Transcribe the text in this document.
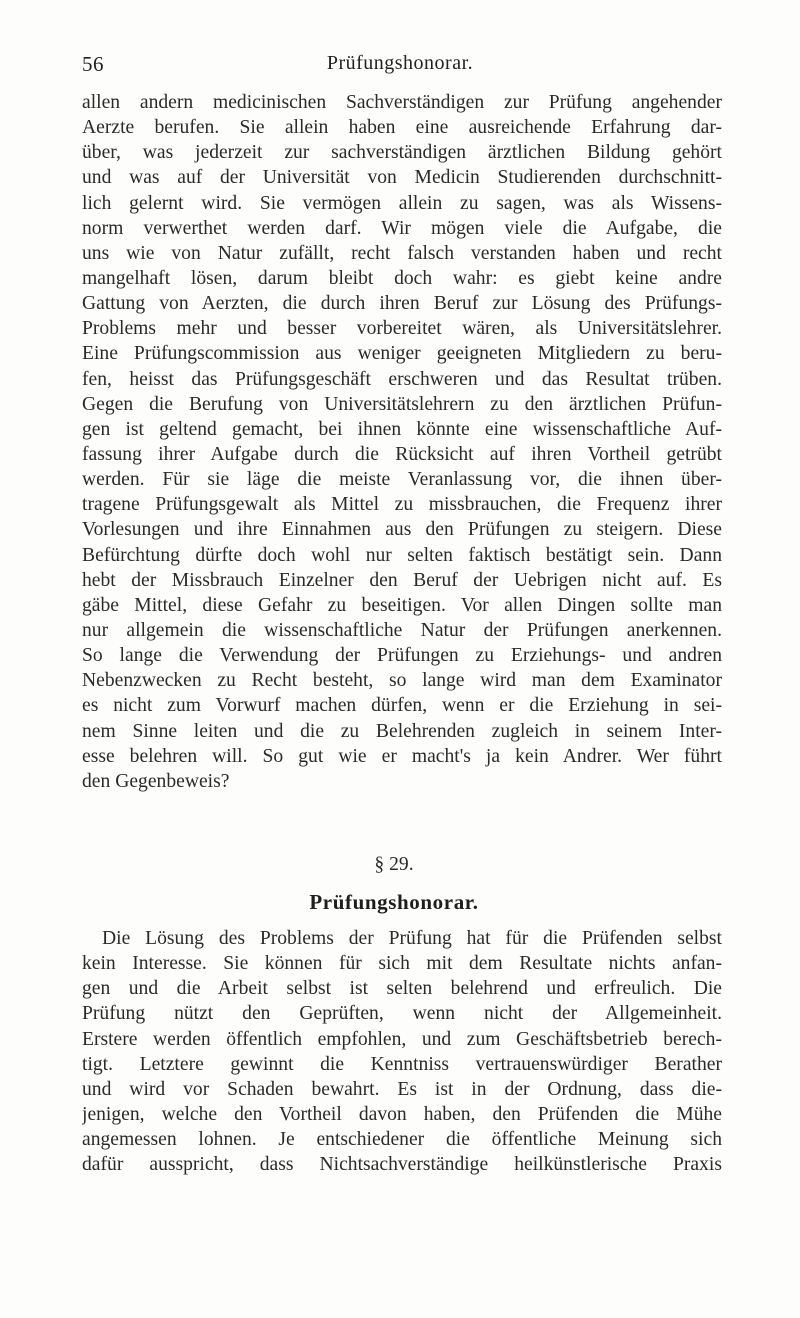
56	Prüfungshonorar.
allen andern medicinischen Sachverständigen zur Prüfung angehender
Aerzte berufen. Sie allein haben eine ausreichende Erfahrung dar-
über, was jederzeit zur sachverständigen ärztlichen Bildung gehört
und was auf der Universität von Medicin Studierenden durchschnitt-
lich gelernt wird. Sie vermögen allein zu sagen, was als Wissens-
norm verwerthet werden darf. Wir mögen viele die Aufgabe, die
uns wie von Natur zufällt, recht falsch verstanden haben und recht
mangelhaft lösen, darum bleibt doch wahr: es giebt keine andre
Gattung von Aerzten, die durch ihren Beruf zur Lösung des Prüfungs-
Problems mehr und besser vorbereitet wären, als Universitätslehrer.
Eine Prüfungscommission aus weniger geeigneten Mitgliedern zu beru-
fen, heisst das Prüfungsgeschäft erschweren und das Resultat trüben.
Gegen die Berufung von Universitätslehrern zu den ärztlichen Prüfun-
gen ist geltend gemacht, bei ihnen könnte eine wissenschaftliche Auf-
fassung ihrer Aufgabe durch die Rücksicht auf ihren Vortheil getrübt
werden. Für sie läge die meiste Veranlassung vor, die ihnen über-
tragene Prüfungsgewalt als Mittel zu missbrauchen, die Frequenz ihrer
Vorlesungen und ihre Einnahmen aus den Prüfungen zu steigern. Diese
Befürchtung dürfte doch wohl nur selten faktisch bestätigt sein. Dann
hebt der Missbrauch Einzelner den Beruf der Uebrigen nicht auf. Es
gäbe Mittel, diese Gefahr zu beseitigen. Vor allen Dingen sollte man
nur allgemein die wissenschaftliche Natur der Prüfungen anerkennen.
So lange die Verwendung der Prüfungen zu Erziehungs- und andren
Nebenzwecken zu Recht besteht, so lange wird man dem Examinator
es nicht zum Vorwurf machen dürfen, wenn er die Erziehung in sei-
nem Sinne leiten und die zu Belehrenden zugleich in seinem Inter-
esse belehren will. So gut wie er macht's ja kein Andrer. Wer führt
den Gegenbeweis?
§ 29.
Prüfungshonorar.
Die Lösung des Problems der Prüfung hat für die Prüfenden selbst
kein Interesse. Sie können für sich mit dem Resultate nichts anfan-
gen und die Arbeit selbst ist selten belehrend und erfreulich. Die
Prüfung nützt den Geprüften, wenn nicht der Allgemeinheit.
Erstere werden öffentlich empfohlen, und zum Geschäftsbetrieb berech-
tigt. Letztere gewinnt die Kenntniss vertrauenswürdiger Berather
und wird vor Schaden bewahrt. Es ist in der Ordnung, dass die-
jenigen, welche den Vortheil davon haben, den Prüfenden die Mühe
angemessen lohnen. Je entschiedener die öffentliche Meinung sich
dafür ausspricht, dass Nichtsachverständige heilkünstlerische Praxis
